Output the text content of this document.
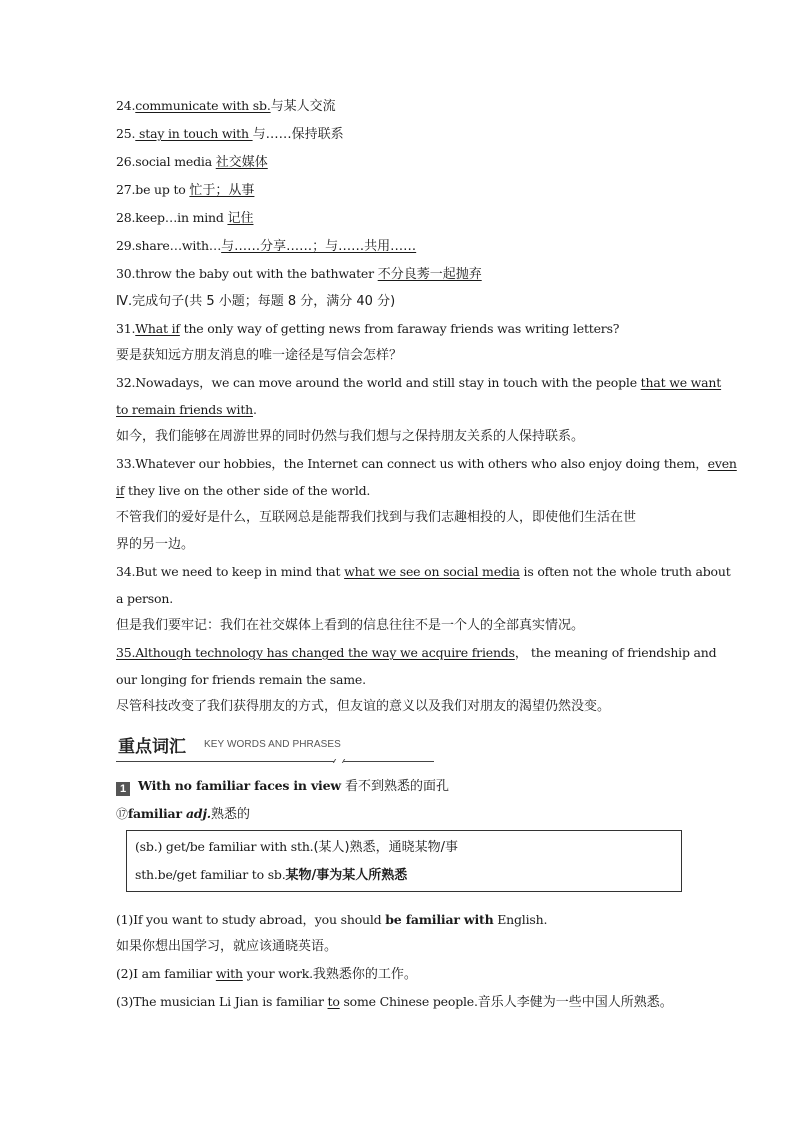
24.communicate with sb.与某人交流
25. stay in touch with 与……保持联系
26.social media 社交媒体
27.be up to 忙于；从事
28.keep…in mind 记住
29.share…with…与……分享……；与……共用……
30.throw the baby out with the bathwater 不分良莠一起抛弃
Ⅳ.完成句子(共 5 小题；每题 8 分，满分 40 分)
31.What if the only way of getting news from faraway friends was writing letters?
要是获知远方朋友消息的唯一途径是写信会怎样？
32.Nowadays，we can move around the world and still stay in touch with the people that we want
to remain friends with.
如今，我们能够在周游世界的同时仍然与我们想与之保持朋友关系的人保持联系。
33.Whatever our hobbies，the Internet can connect us with others who also enjoy doing them，even
if they live on the other side of the world.
不管我们的爱好是什么，互联网总是能帮我们找到与我们志趣相投的人，即使他们生活在世
界的另一边。
34.But we need to keep in mind that what we see on social media is often not the whole truth about
a person.
但是我们要牢记：我们在社交媒体上看到的信息往往不是一个人的全部真实情况。
35.Although technology has changed the way we acquire friends， the meaning of friendship and
our longing for friends remain the same.
尽管科技改变了我们获得朋友的方式，但友谊的意义以及我们对朋友的渴望仍然没变。
重点词汇 KEY WORDS AND PHRASES
1 With no familiar faces in view 看不到熟悉的面孔
⑰familiar adj.熟悉的
(sb.) get/be familiar with sth.(某人)熟悉，通晓某物/事
sth.be/get familiar to sb.某物/事为某人所熟悉
(1)If you want to study abroad，you should be familiar with English.
如果你想出国学习，就应该通晓英语。
(2)I am familiar with your work.我熟悉你的工作。
(3)The musician Li Jian is familiar to some Chinese people.音乐人李健为一些中国人所熟悉。
